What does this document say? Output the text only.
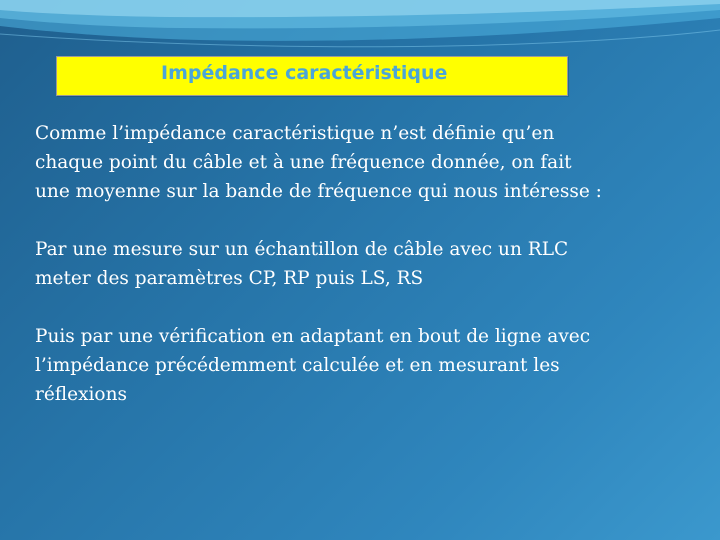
Impédance caractéristique

Comme l’impédance caractéristique n’est définie qu’en
chaque point du câble et à une fréquence donnée, on fait
une moyenne sur la bande de fréquence qui nous intéresse :

Par une mesure sur un échantillon de câble avec un RLC
meter des paramètres CP, RP puis LS, RS

Puis par une vérification en adaptant en bout de ligne avec
l’impédance précédemment calculée et en mesurant les
réflexions
